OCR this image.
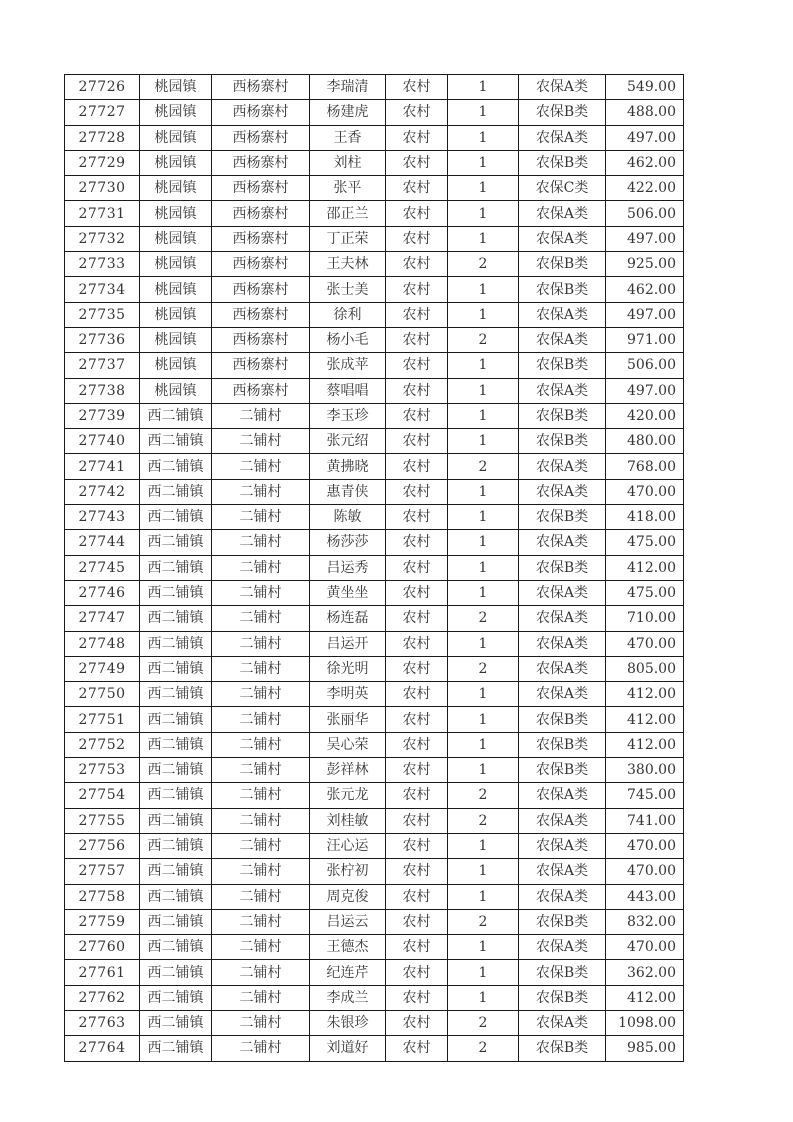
27726	桃园镇	西杨寨村	李瑞清	农村	1	农保A类	549.00
27727	桃园镇	西杨寨村	杨建虎	农村	1	农保B类	488.00
27728	桃园镇	西杨寨村	王香	农村	1	农保A类	497.00
27729	桃园镇	西杨寨村	刘柱	农村	1	农保B类	462.00
27730	桃园镇	西杨寨村	张平	农村	1	农保C类	422.00
27731	桃园镇	西杨寨村	邵正兰	农村	1	农保A类	506.00
27732	桃园镇	西杨寨村	丁正荣	农村	1	农保A类	497.00
27733	桃园镇	西杨寨村	王夫林	农村	2	农保B类	925.00
27734	桃园镇	西杨寨村	张士美	农村	1	农保B类	462.00
27735	桃园镇	西杨寨村	徐利	农村	1	农保A类	497.00
27736	桃园镇	西杨寨村	杨小毛	农村	2	农保A类	971.00
27737	桃园镇	西杨寨村	张成苹	农村	1	农保B类	506.00
27738	桃园镇	西杨寨村	蔡唱唱	农村	1	农保A类	497.00
27739	西二铺镇	二铺村	李玉珍	农村	1	农保B类	420.00
27740	西二铺镇	二铺村	张元绍	农村	1	农保B类	480.00
27741	西二铺镇	二铺村	黄拂晓	农村	2	农保A类	768.00
27742	西二铺镇	二铺村	惠青侠	农村	1	农保A类	470.00
27743	西二铺镇	二铺村	陈敏	农村	1	农保B类	418.00
27744	西二铺镇	二铺村	杨莎莎	农村	1	农保A类	475.00
27745	西二铺镇	二铺村	吕运秀	农村	1	农保B类	412.00
27746	西二铺镇	二铺村	黄坐坐	农村	1	农保A类	475.00
27747	西二铺镇	二铺村	杨连磊	农村	2	农保A类	710.00
27748	西二铺镇	二铺村	吕运开	农村	1	农保A类	470.00
27749	西二铺镇	二铺村	徐光明	农村	2	农保A类	805.00
27750	西二铺镇	二铺村	李明英	农村	1	农保A类	412.00
27751	西二铺镇	二铺村	张丽华	农村	1	农保B类	412.00
27752	西二铺镇	二铺村	吴心荣	农村	1	农保B类	412.00
27753	西二铺镇	二铺村	彭祥林	农村	1	农保B类	380.00
27754	西二铺镇	二铺村	张元龙	农村	2	农保A类	745.00
27755	西二铺镇	二铺村	刘桂敏	农村	2	农保A类	741.00
27756	西二铺镇	二铺村	汪心运	农村	1	农保A类	470.00
27757	西二铺镇	二铺村	张柠初	农村	1	农保A类	470.00
27758	西二铺镇	二铺村	周克俊	农村	1	农保A类	443.00
27759	西二铺镇	二铺村	吕运云	农村	2	农保B类	832.00
27760	西二铺镇	二铺村	王德杰	农村	1	农保A类	470.00
27761	西二铺镇	二铺村	纪连芹	农村	1	农保B类	362.00
27762	西二铺镇	二铺村	李成兰	农村	1	农保B类	412.00
27763	西二铺镇	二铺村	朱银珍	农村	2	农保A类	1098.00
27764	西二铺镇	二铺村	刘道好	农村	2	农保B类	985.00
